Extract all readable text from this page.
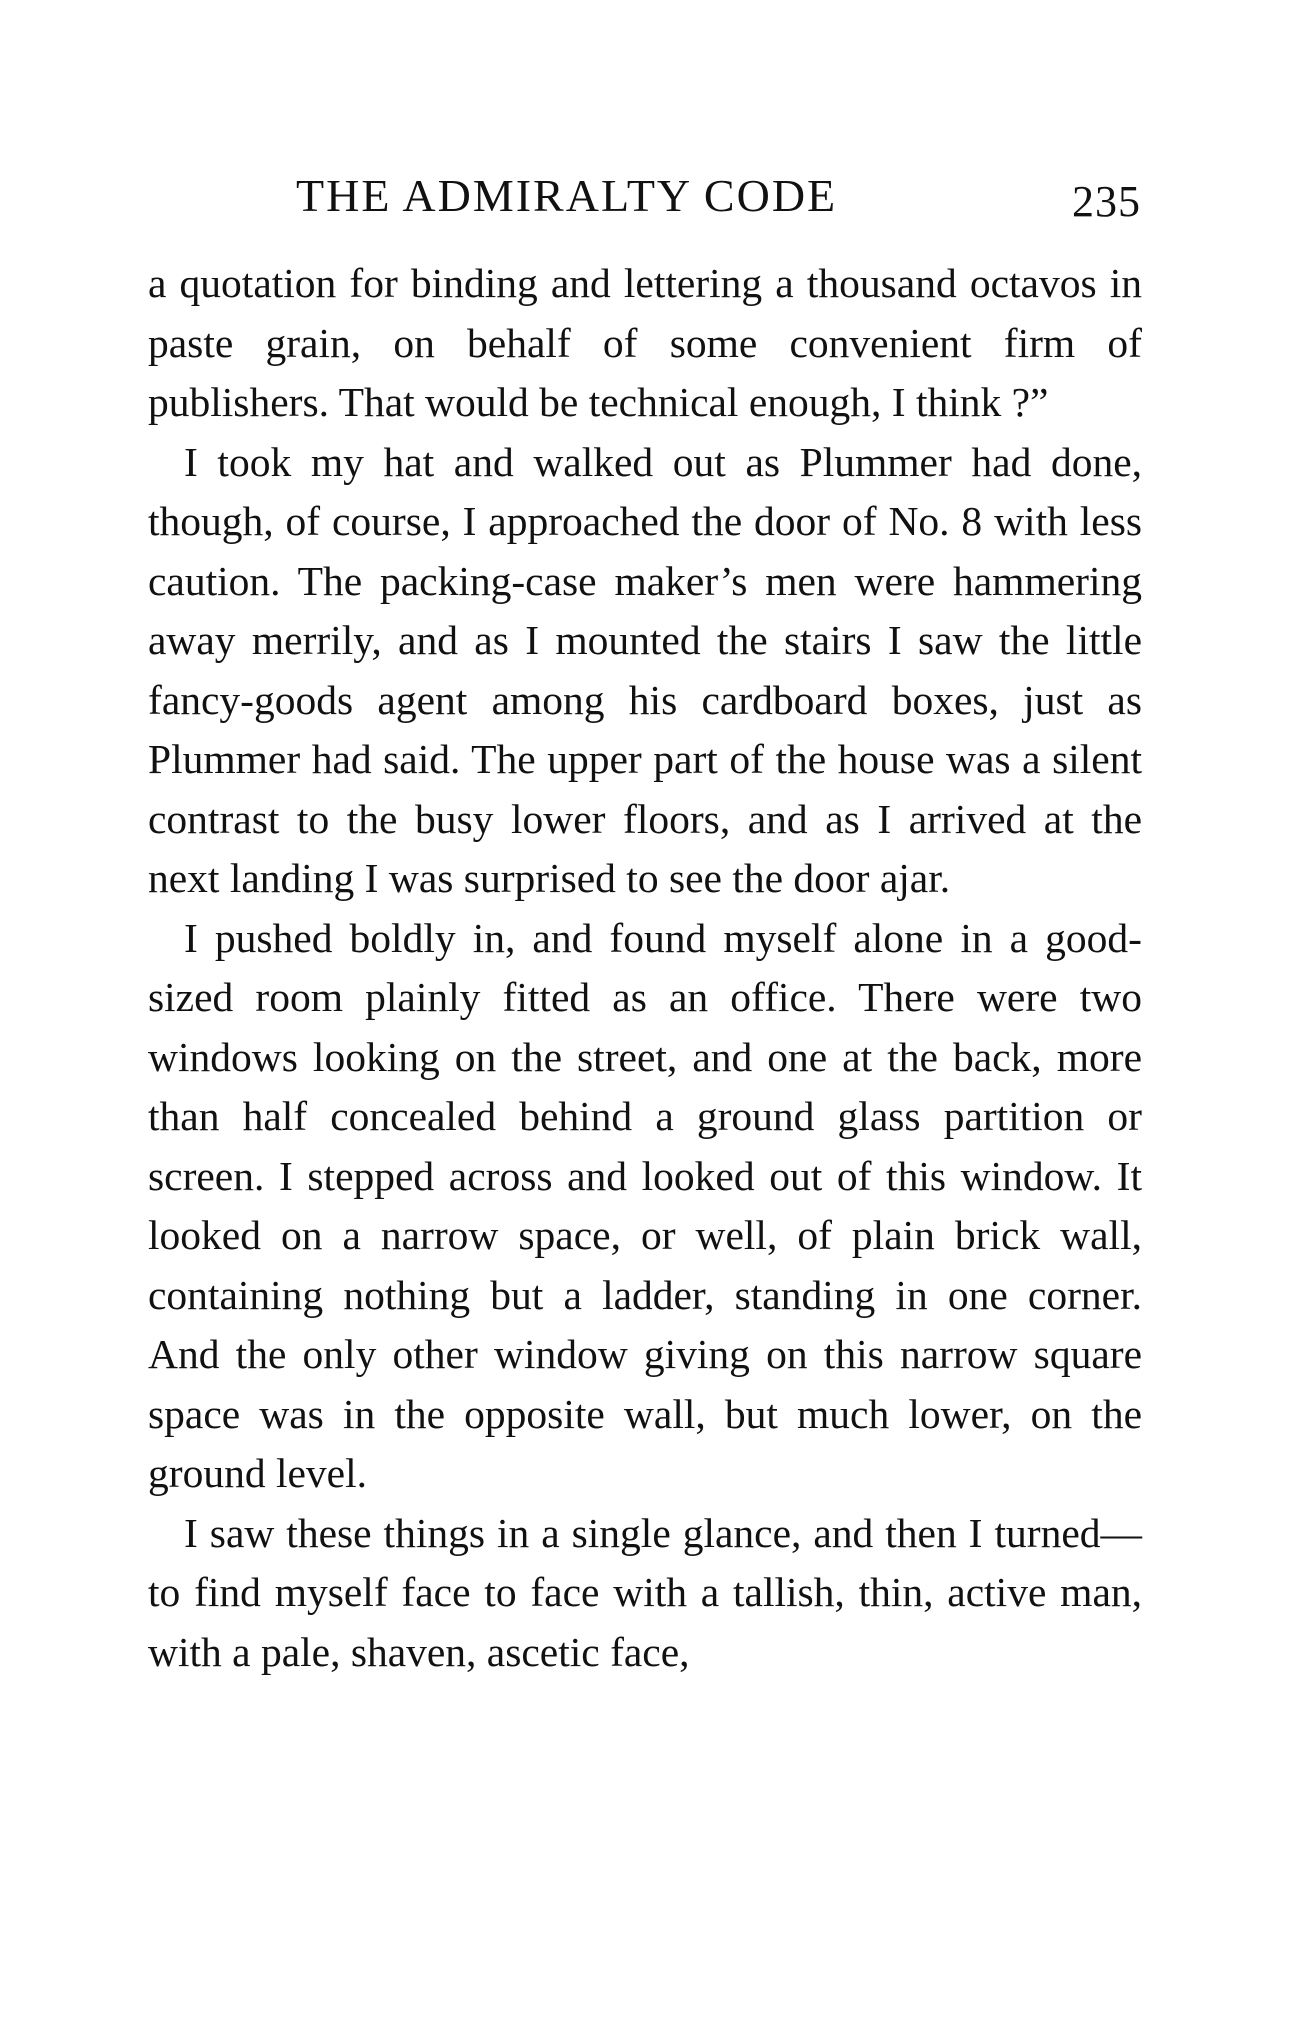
THE ADMIRALTY CODE	235

a quotation for binding and lettering a thousand octavos in paste grain, on behalf of some convenient firm of publishers. That would be technical enough, I think ?”

I took my hat and walked out as Plummer had done, though, of course, I approached the door of No. 8 with less caution. The packing-case maker’s men were hammering away merrily, and as I mounted the stairs I saw the little fancy-goods agent among his cardboard boxes, just as Plummer had said. The upper part of the house was a silent contrast to the busy lower floors, and as I arrived at the next landing I was surprised to see the door ajar.

I pushed boldly in, and found myself alone in a good-sized room plainly fitted as an office. There were two windows looking on the street, and one at the back, more than half concealed behind a ground glass partition or screen. I stepped across and looked out of this window. It looked on a narrow space, or well, of plain brick wall, containing nothing but a ladder, standing in one corner. And the only other window giving on this narrow square space was in the opposite wall, but much lower, on the ground level.

I saw these things in a single glance, and then I turned—to find myself face to face with a tallish, thin, active man, with a pale, shaven, ascetic face,
